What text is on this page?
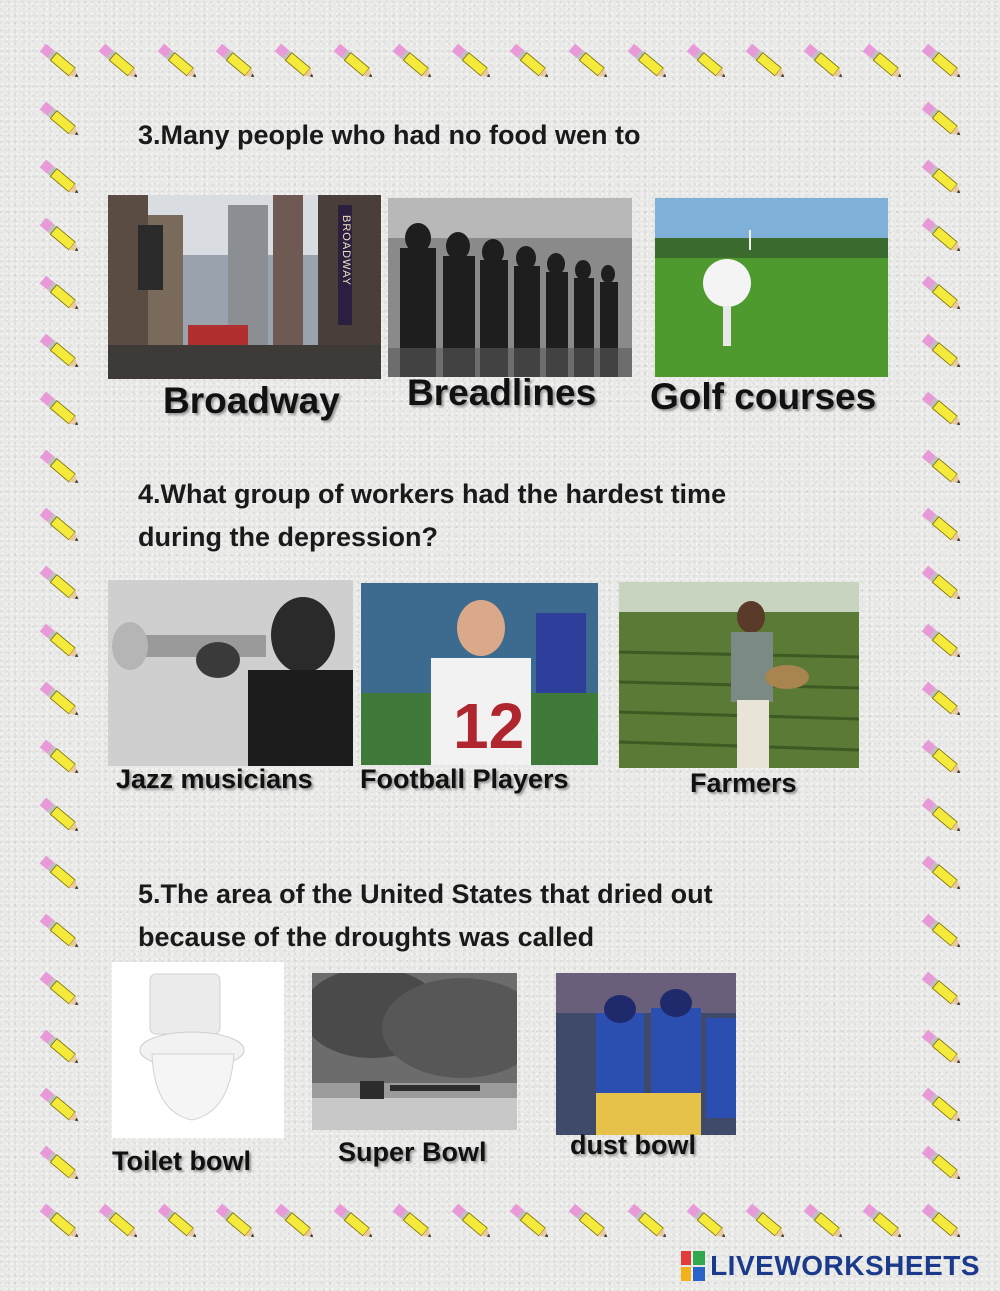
3.Many people who had no food wen to

BROADWAY
Broadway Breadlines Golf courses

4.What group of workers had the hardest time

during the depression?

12
Jazz musicians Football Players	Farmers

5.The area of the United States that dried out

because of the droughts was called

Toilet bowl	Super Bowl	dust bowl
LIVEWORKSHEETS
